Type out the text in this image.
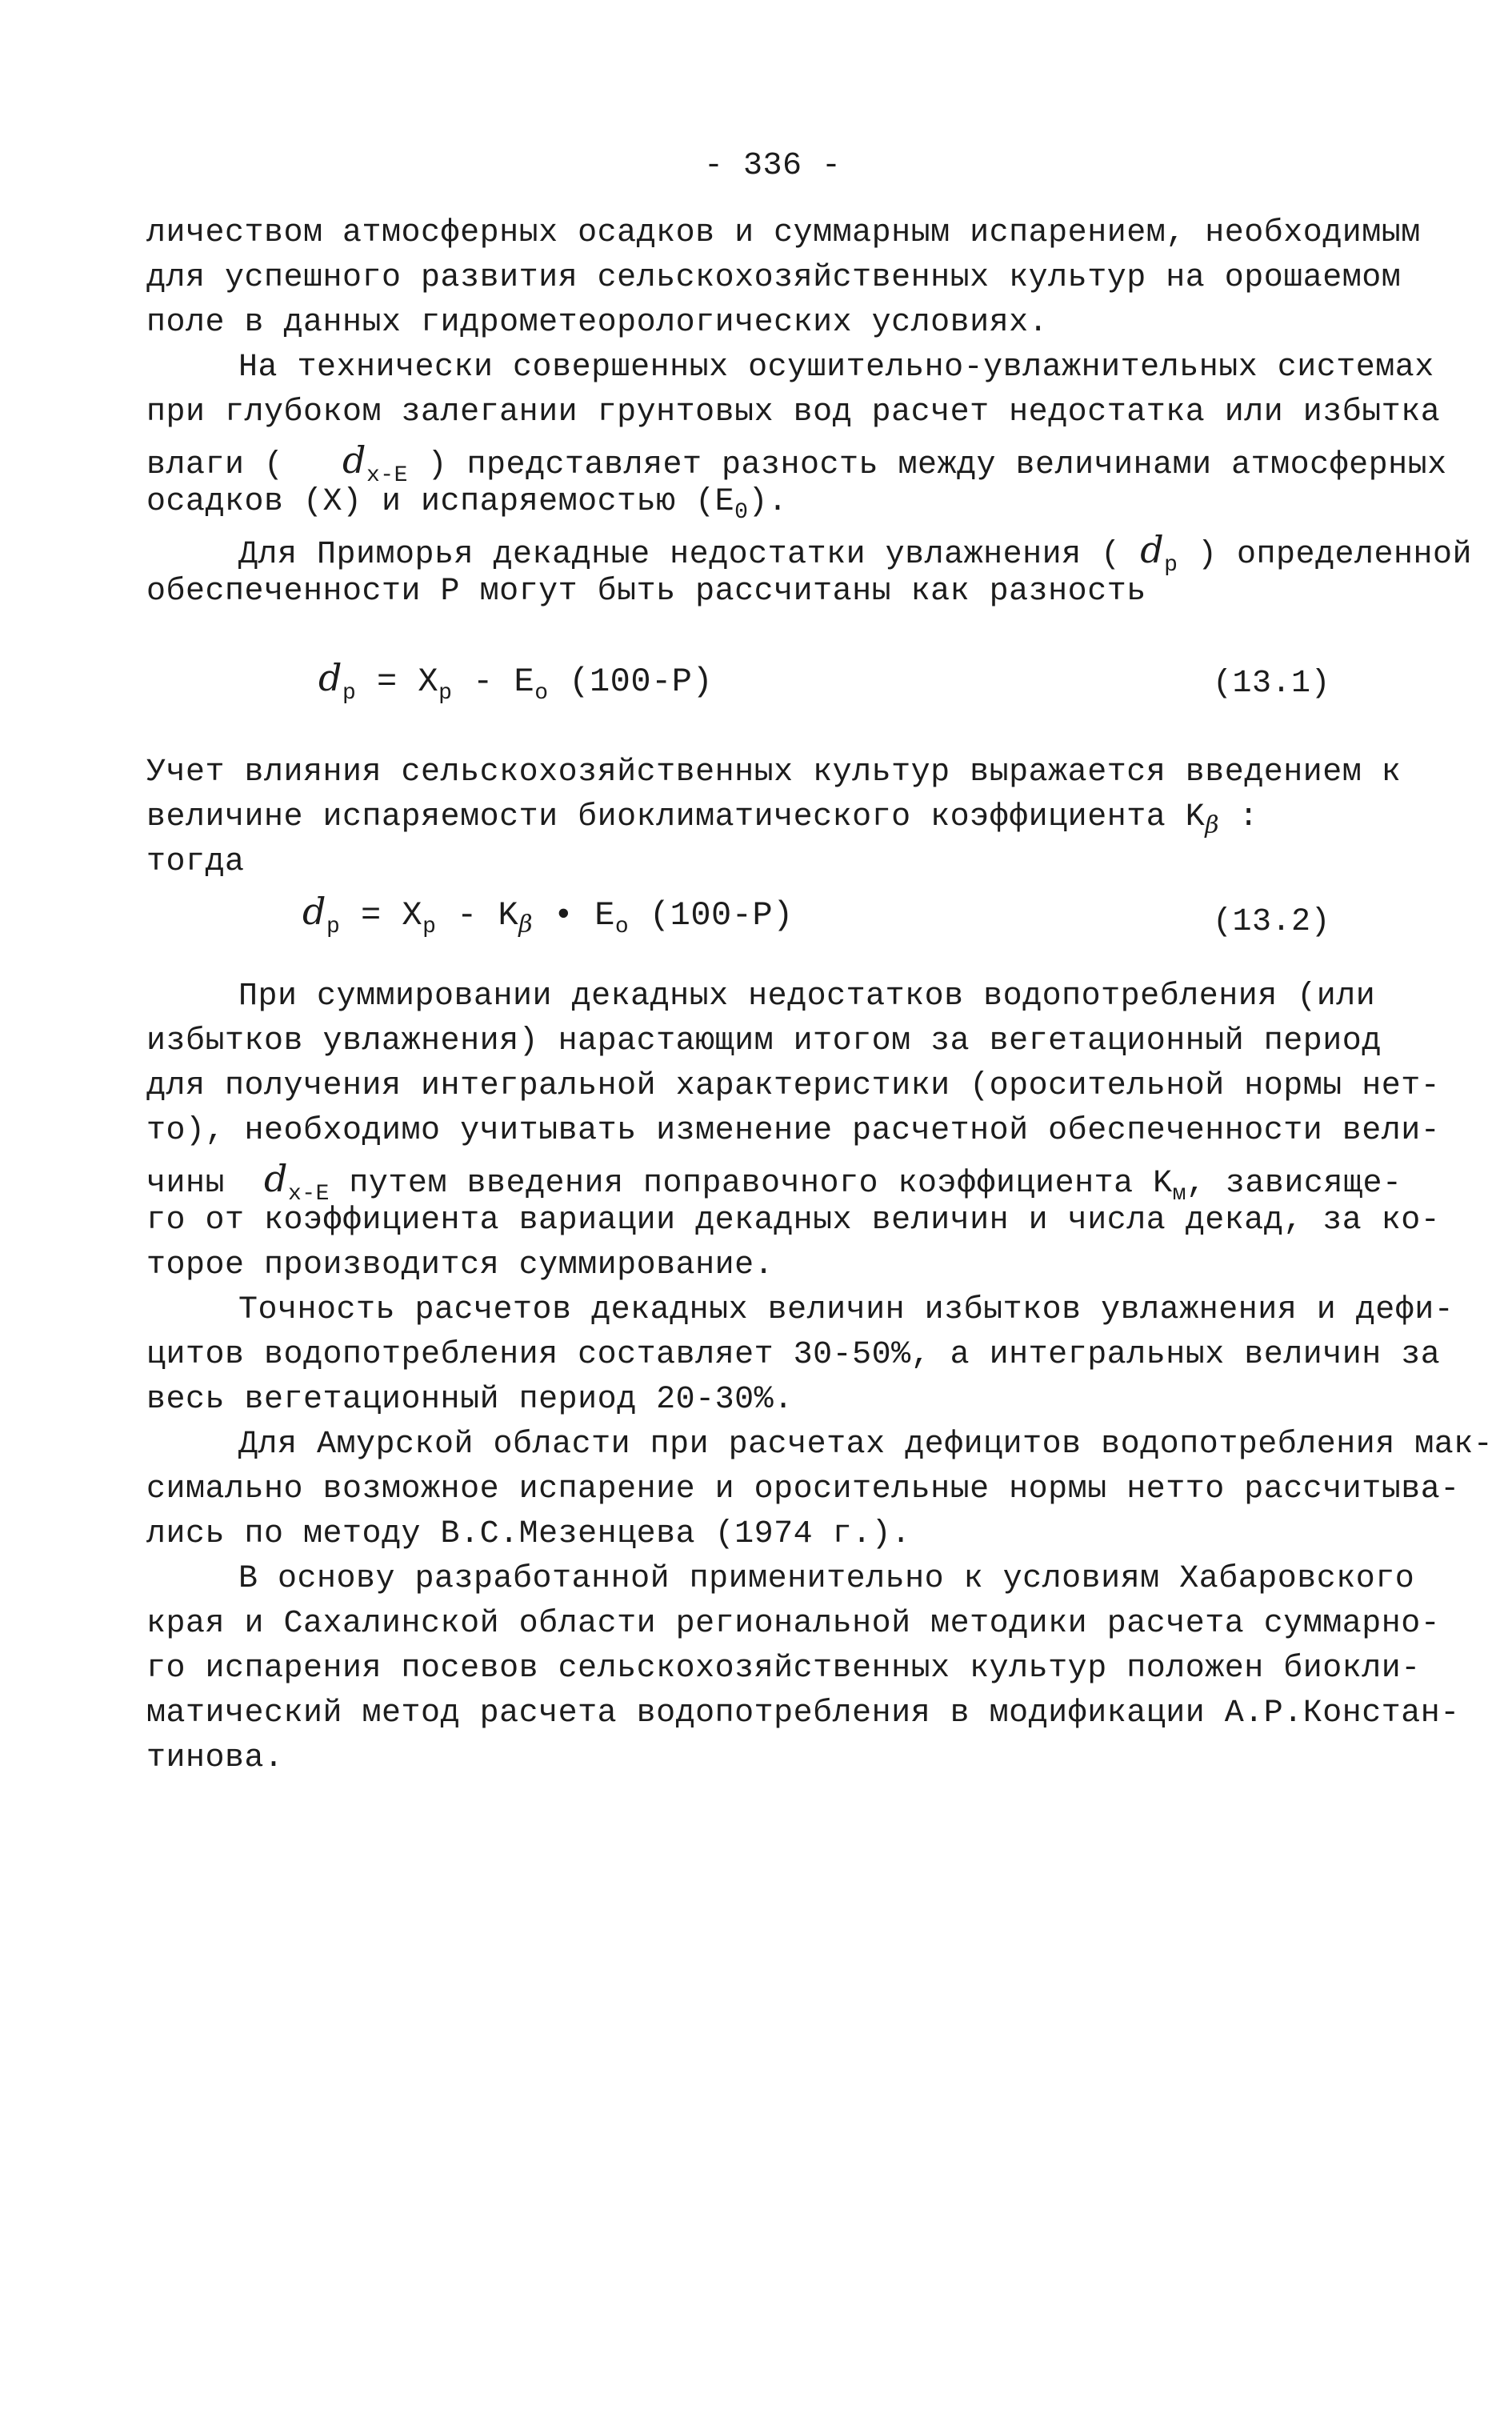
- 336 -
личеством атмосферных осадков и суммарным испарением, необходимым
для успешного развития сельскохозяйственных культур на орошаемом
поле в данных гидрометеорологических условиях.
На технически совершенных осушительно-увлажнительных системах
при глубоком залегании грунтовых вод расчет недостатка или избытка
влаги ( $d_{x-E}$ ) представляет разность между величинами атмосферных
осадков (X) и испаряемостью $(E_0)$.
Для Приморья декадные недостатки увлажнения ( $d_p$ ) определенной
обеспеченности Р могут быть рассчитаны как разность
$d_p = X_p - E_o$ (100-P)	(13.1)
Учет влияния сельскохозяйственных культур выражается введением к
величине испаряемости биоклиматического коэффициента $K_\beta$ :
тогда
$d_p = X_p - K_\beta$ • $E_o$ (100-P)	(13.2)
При суммировании декадных недостатков водопотребления (или
избытков увлажнения) нарастающим итогом за вегетационный период
для получения интегральной характеристики (оросительной нормы нет-
то), необходимо учитывать изменение расчетной обеспеченности вели-
чины $d_{x-E}$ путем введения поправочного коэффициента $K_м$, зависяще-
го от коэффициента вариации декадных величин и числа декад, за ко-
торое производится суммирование.
Точность расчетов декадных величин избытков увлажнения и дефи-
цитов водопотребления составляет 30-50%, а интегральных величин за
весь вегетационный период 20-30%.
Для Амурской области при расчетах дефицитов водопотребления мак-
симально возможное испарение и оросительные нормы нетто рассчитыва-
лись по методу В.С.Мезенцева (1974 г.).
В основу разработанной применительно к условиям Хабаровского
края и Сахалинской области региональной методики расчета суммарно-
го испарения посевов сельскохозяйственных культур положен биокли-
матический метод расчета водопотребления в модификации А.Р.Констан-
тинова.
